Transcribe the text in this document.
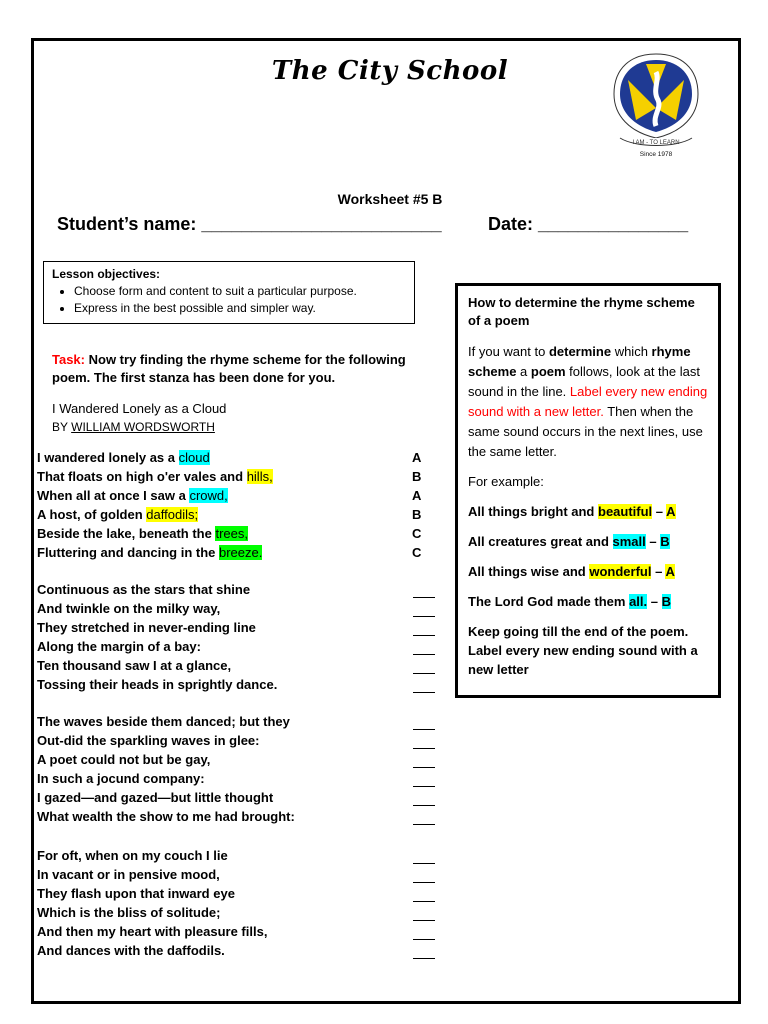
The City School
I AM - TO LEARN
Since 1978
Worksheet #5 B
Student’s name: ________________________	Date: _______________
Lesson objectives:
• Choose form and content to suit a particular purpose.
• Express in the best possible and simpler way.
Task: Now try finding the rhyme scheme for the following poem. The first stanza has been done for you.
I Wandered Lonely as a Cloud
BY WILLIAM WORDSWORTH
I wandered lonely as a cloud	A
That floats on high o'er vales and hills,	B
When all at once I saw a crowd,	A
A host, of golden daffodils;	B
Beside the lake, beneath the trees,	C
Fluttering and dancing in the breeze.	C
Continuous as the stars that shine
And twinkle on the milky way,
They stretched in never-ending line
Along the margin of a bay:
Ten thousand saw I at a glance,
Tossing their heads in sprightly dance.
The waves beside them danced; but they
Out-did the sparkling waves in glee:
A poet could not but be gay,
In such a jocund company:
I gazed—and gazed—but little thought
What wealth the show to me had brought:
For oft, when on my couch I lie
In vacant or in pensive mood,
They flash upon that inward eye
Which is the bliss of solitude;
And then my heart with pleasure fills,
And dances with the daffodils.
How to determine the rhyme scheme of a poem

If you want to determine which rhyme scheme a poem follows, look at the last sound in the line. Label every new ending sound with a new letter. Then when the same sound occurs in the next lines, use the same letter.

For example:

All things bright and beautiful – A
All creatures great and small – B
All things wise and wonderful – A
The Lord God made them all. – B
Keep going till the end of the poem. Label every new ending sound with a new letter
